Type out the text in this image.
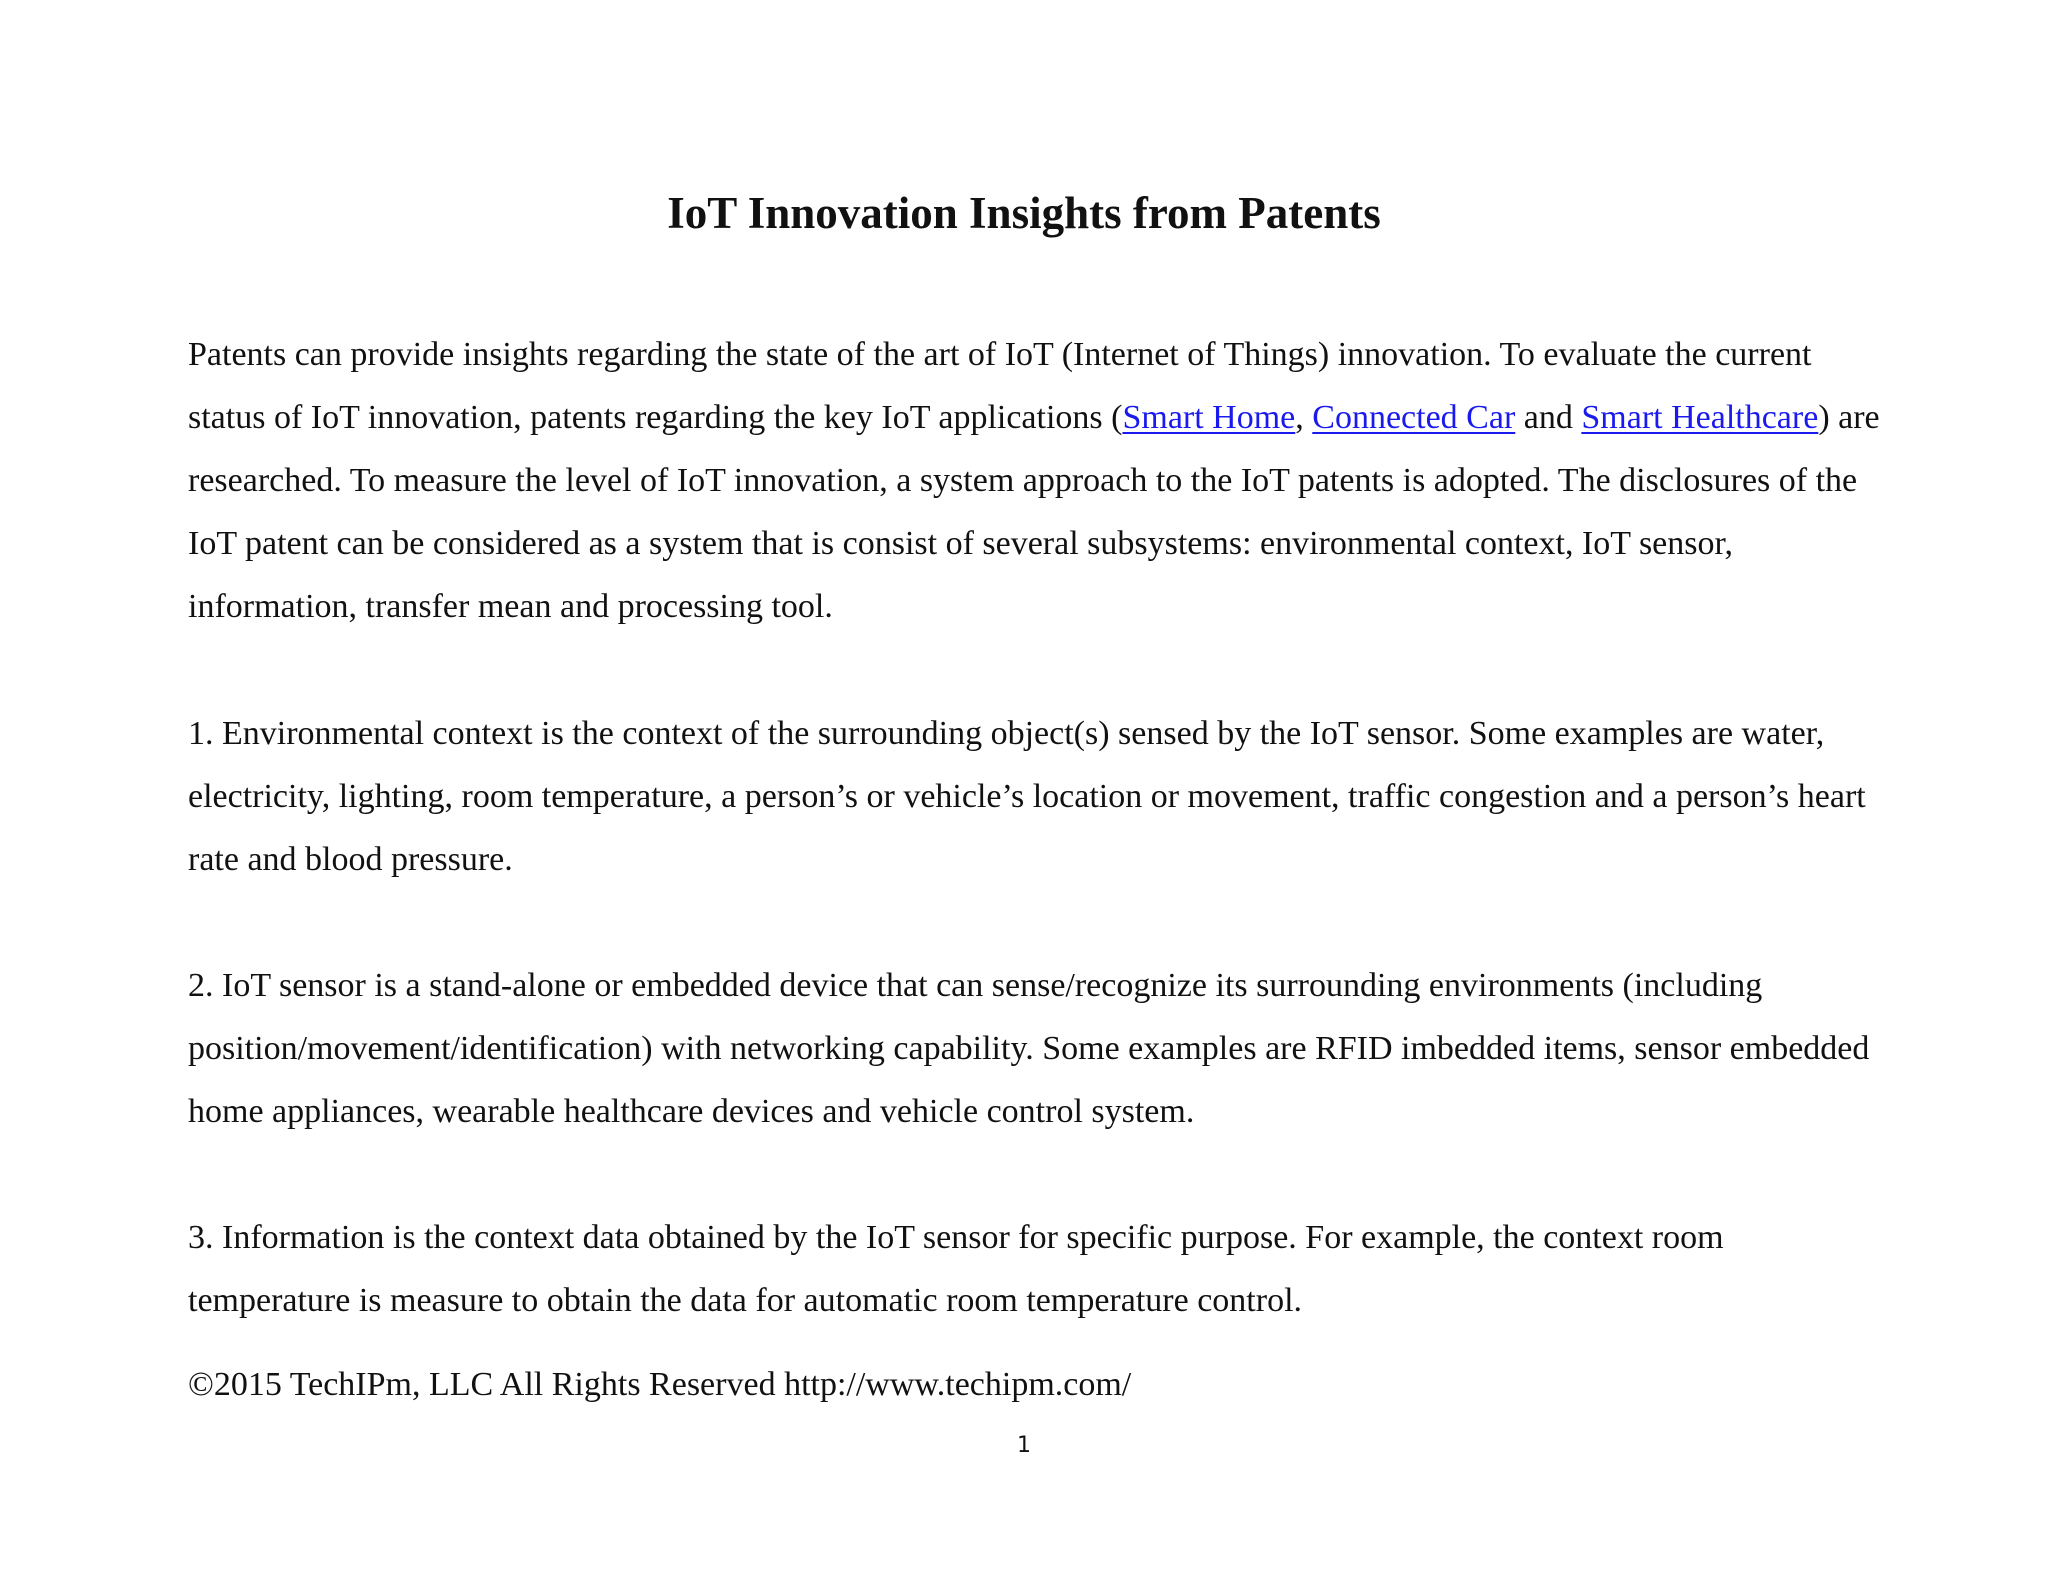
IoT Innovation Insights from Patents

Patents can provide insights regarding the state of the art of IoT (Internet of Things) innovation. To evaluate the current status of IoT innovation, patents regarding the key IoT applications (Smart Home, Connected Car and Smart Healthcare) are researched. To measure the level of IoT innovation, a system approach to the IoT patents is adopted. The disclosures of the IoT patent can be considered as a system that is consist of several subsystems: environmental context, IoT sensor, information, transfer mean and processing tool.

1. Environmental context is the context of the surrounding object(s) sensed by the IoT sensor. Some examples are water, electricity, lighting, room temperature, a person’s or vehicle’s location or movement, traffic congestion and a person’s heart rate and blood pressure.

2. IoT sensor is a stand-alone or embedded device that can sense/recognize its surrounding environments (including position/movement/identification) with networking capability. Some examples are RFID imbedded items, sensor embedded home appliances, wearable healthcare devices and vehicle control system.

3. Information is the context data obtained by the IoT sensor for specific purpose. For example, the context room temperature is measure to obtain the data for automatic room temperature control.

©2015 TechIPm, LLC All Rights Reserved http://www.techipm.com/

1
